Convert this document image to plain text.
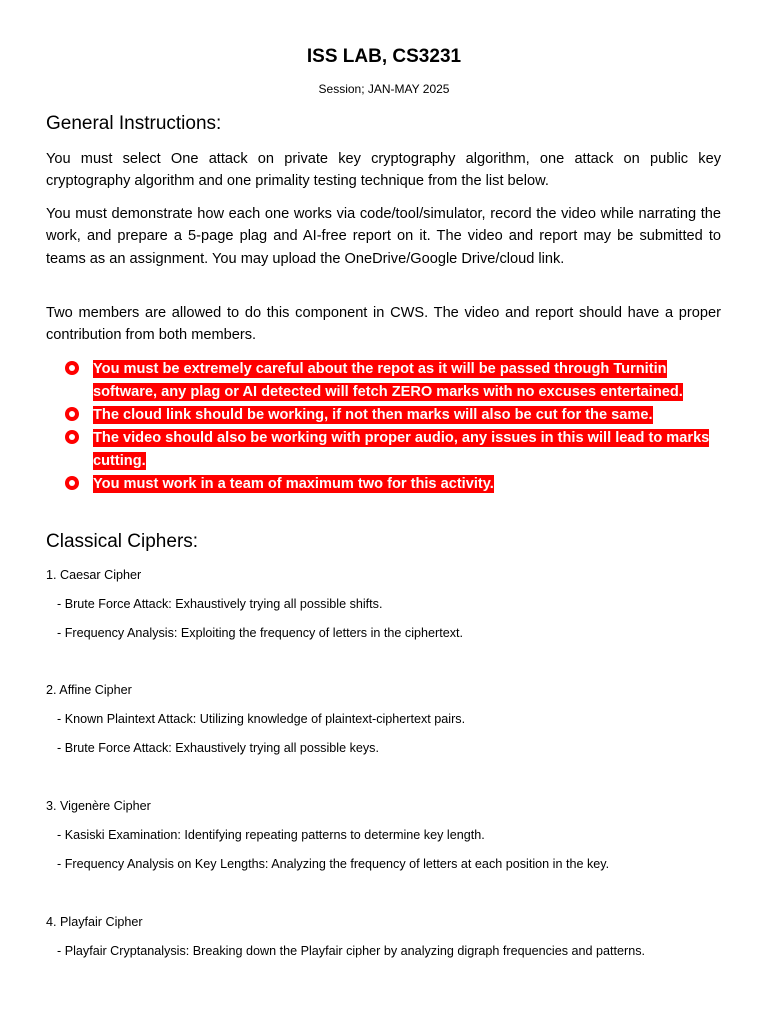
ISS LAB, CS3231
Session; JAN-MAY 2025
General Instructions:
You must select One attack on private key cryptography algorithm, one attack on public key cryptography algorithm and one primality testing technique from the list below.
You must demonstrate how each one works via code/tool/simulator, record the video while narrating the work, and prepare a 5-page plag and AI-free report on it. The video and report may be submitted to teams as an assignment. You may upload the OneDrive/Google Drive/cloud link.
Two members are allowed to do this component in CWS. The video and report should have a proper contribution from both members.
You must be extremely careful about the repot as it will be passed through Turnitin software, any plag or AI detected will fetch ZERO marks with no excuses entertained.
The cloud link should be working, if not then marks will also be cut for the same.
The video should also be working with proper audio, any issues in this will lead to marks cutting.
You must work in a team of maximum two for this activity.
Classical Ciphers:
1. Caesar Cipher
- Brute Force Attack: Exhaustively trying all possible shifts.
- Frequency Analysis: Exploiting the frequency of letters in the ciphertext.
2. Affine Cipher
- Known Plaintext Attack: Utilizing knowledge of plaintext-ciphertext pairs.
- Brute Force Attack: Exhaustively trying all possible keys.
3. Vigenère Cipher
- Kasiski Examination: Identifying repeating patterns to determine key length.
- Frequency Analysis on Key Lengths: Analyzing the frequency of letters at each position in the key.
4. Playfair Cipher
- Playfair Cryptanalysis: Breaking down the Playfair cipher by analyzing digraph frequencies and patterns.
